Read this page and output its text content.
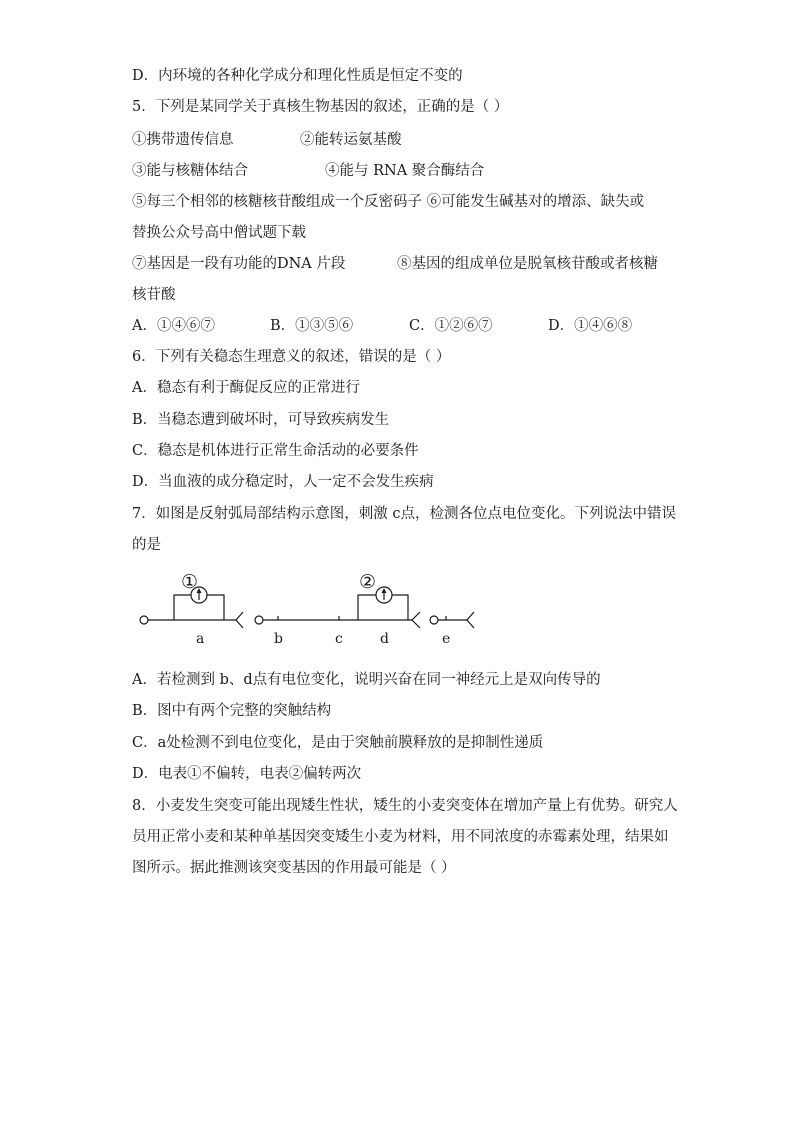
D．内环境的各种化学成分和理化性质是恒定不变的
5．下列是某同学关于真核生物基因的叙述，正确的是（ ）
①携带遗传信息	②能转运氨基酸
③能与核糖体结合	④能与 RNA 聚合酶结合
⑤每三个相邻的核糖核苷酸组成一个反密码子 ⑥可能发生碱基对的增添、缺失或
替换公众号高中僧试题下载
⑦基因是一段有功能的DNA 片段	⑧基因的组成单位是脱氧核苷酸或者核糖
核苷酸
A．①④⑥⑦	B．①③⑤⑥	C．①②⑥⑦	D．①④⑥⑧
6．下列有关稳态生理意义的叙述，错误的是（ ）
A．稳态有利于酶促反应的正常进行
B．当稳态遭到破坏时，可导致疾病发生
C．稳态是机体进行正常生命活动的必要条件
D．当血液的成分稳定时，人一定不会发生疾病
7．如图是反射弧局部结构示意图，刺激 c点，检测各位点电位变化。下列说法中错误
的是
①	②
a	b	c	d	e
A．若检测到 b、d点有电位变化，说明兴奋在同一神经元上是双向传导的
B．图中有两个完整的突触结构
C．a处检测不到电位变化，是由于突触前膜释放的是抑制性递质
D．电表①不偏转，电表②偏转两次
8．小麦发生突变可能出现矮生性状，矮生的小麦突变体在增加产量上有优势。研究人
员用正常小麦和某种单基因突变矮生小麦为材料，用不同浓度的赤霉素处理，结果如
图所示。据此推测该突变基因的作用最可能是（ ）
